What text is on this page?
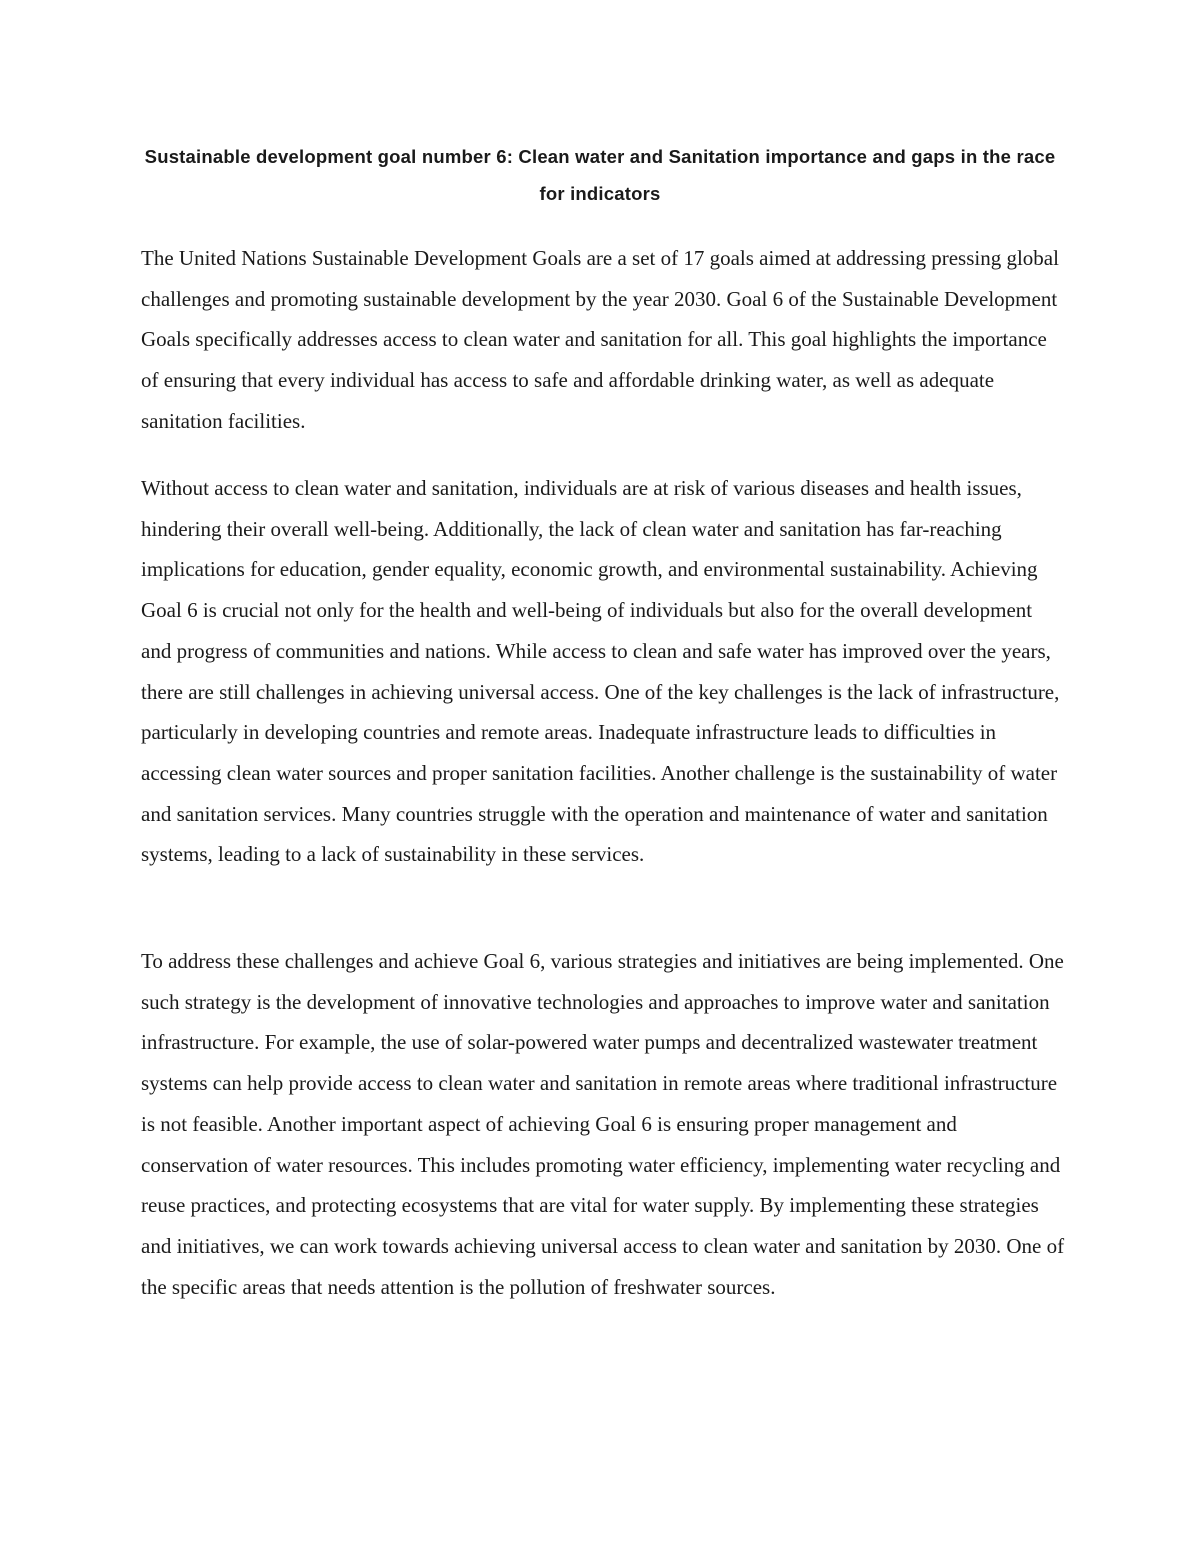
Sustainable development goal number 6: Clean water and Sanitation importance and gaps in the race for indicators

The United Nations Sustainable Development Goals are a set of 17 goals aimed at addressing pressing global challenges and promoting sustainable development by the year 2030. Goal 6 of the Sustainable Development Goals specifically addresses access to clean water and sanitation for all. This goal highlights the importance of ensuring that every individual has access to safe and affordable drinking water, as well as adequate sanitation facilities.

Without access to clean water and sanitation, individuals are at risk of various diseases and health issues, hindering their overall well-being. Additionally, the lack of clean water and sanitation has far-reaching implications for education, gender equality, economic growth, and environmental sustainability. Achieving Goal 6 is crucial not only for the health and well-being of individuals but also for the overall development and progress of communities and nations. While access to clean and safe water has improved over the years, there are still challenges in achieving universal access. One of the key challenges is the lack of infrastructure, particularly in developing countries and remote areas. Inadequate infrastructure leads to difficulties in accessing clean water sources and proper sanitation facilities. Another challenge is the sustainability of water and sanitation services. Many countries struggle with the operation and maintenance of water and sanitation systems, leading to a lack of sustainability in these services.

To address these challenges and achieve Goal 6, various strategies and initiatives are being implemented. One such strategy is the development of innovative technologies and approaches to improve water and sanitation infrastructure. For example, the use of solar-powered water pumps and decentralized wastewater treatment systems can help provide access to clean water and sanitation in remote areas where traditional infrastructure is not feasible. Another important aspect of achieving Goal 6 is ensuring proper management and conservation of water resources. This includes promoting water efficiency, implementing water recycling and reuse practices, and protecting ecosystems that are vital for water supply. By implementing these strategies and initiatives, we can work towards achieving universal access to clean water and sanitation by 2030. One of the specific areas that needs attention is the pollution of freshwater sources.
